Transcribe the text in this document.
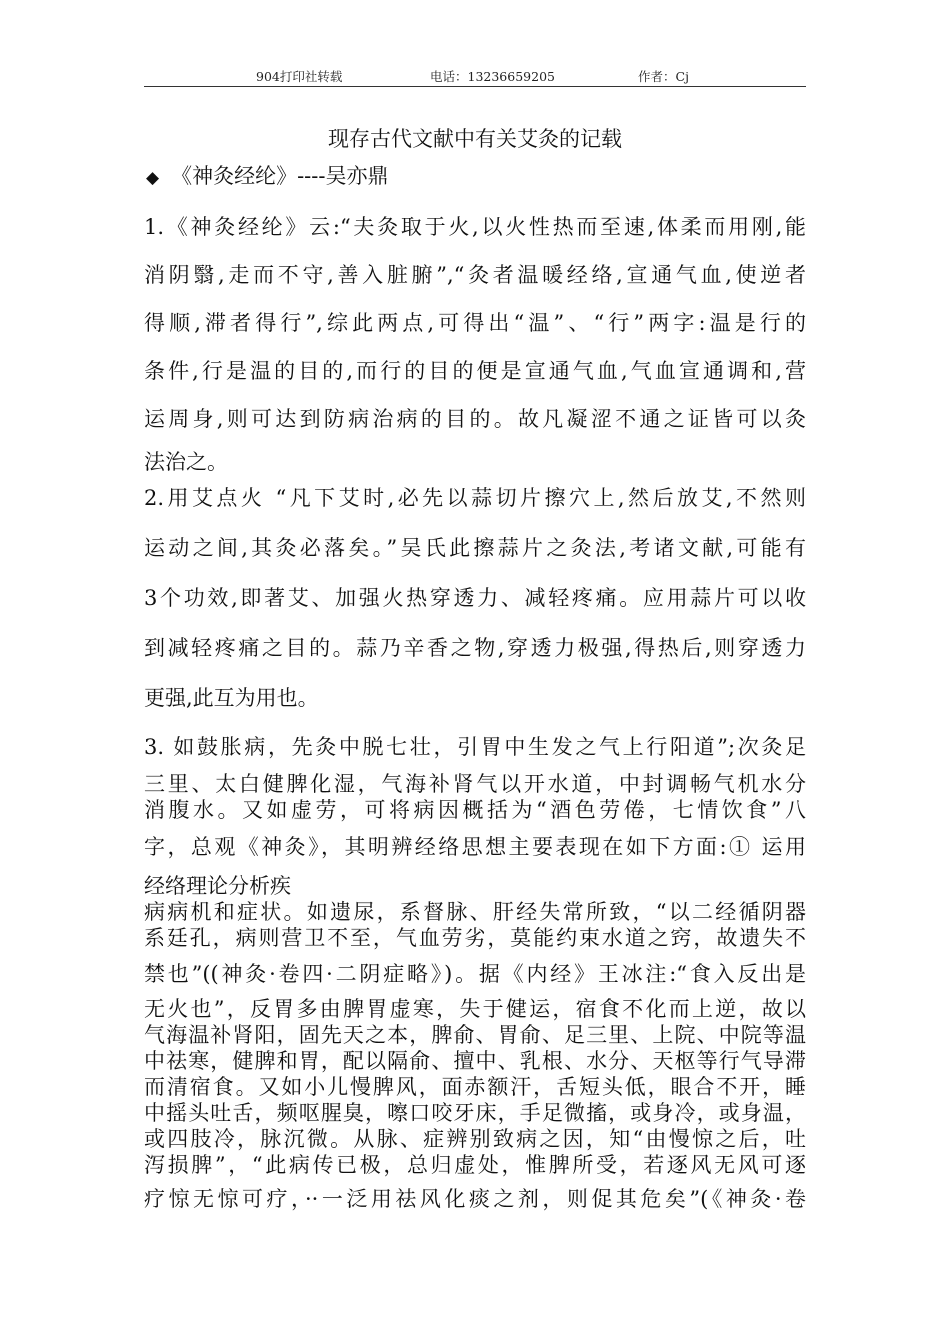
904打印社转载	电话：13236659205	作者：Cj
现存古代文献中有关艾灸的记载
◆ 《神灸经纶》----吴亦鼎
1.《神灸经纶》云:“夫灸取于火,以火性热而至速,体柔而用刚,能
消阴翳,走而不守,善入脏腑”,“灸者温暖经络,宣通气血,使逆者
得顺,滞者得行”,综此两点,可得出“温”、“行”两字:温是行的
条件,行是温的目的,而行的目的便是宣通气血,气血宣通调和,营
运周身,则可达到防病治病的目的。故凡凝涩不通之证皆可以灸
法治之。
2.用艾点火 “凡下艾时,必先以蒜切片擦穴上,然后放艾,不然则
运动之间,其灸必落矣。”吴氏此擦蒜片之灸法,考诸文献,可能有
3个功效,即著艾、加强火热穿透力、减轻疼痛。应用蒜片可以收
到减轻疼痛之目的。蒜乃辛香之物,穿透力极强,得热后,则穿透力
更强,此互为用也。
3. 如鼓胀病，先灸中脱七壮，引胃中生发之气上行阳道”;次灸足
三里、太白健脾化湿，气海补肾气以开水道，中封调畅气机水分
消腹水。又如虚劳，可将病因概括为“酒色劳倦，七情饮食”八
字，总观《神灸》，其明辨经络思想主要表现在如下方面:① 运用
经络理论分析疾
病病机和症状。如遗尿，系督脉、肝经失常所致，“以二经循阴器
系廷孔，病则营卫不至，气血劳劣，莫能约束水道之窍，故遗失不
禁也”((神灸·卷四·二阴症略》)。据《内经》王冰注:“食入反出是
无火也”，反胃多由脾胃虚寒，失于健运，宿食不化而上逆，故以
气海温补肾阳，固先天之本，脾俞、胃俞、足三里、上院、中院等温
中祛寒，健脾和胃，配以隔俞、擅中、乳根、水分、天枢等行气导滞
而清宿食。又如小儿慢脾风，面赤额汗，舌短头低，眼合不开，睡
中摇头吐舌，频呕腥臭，嚓口咬牙床，手足微搐，或身冷，或身温，
或四肢冷，脉沉微。从脉、症辨别致病之因，知“由慢惊之后，吐
泻损脾”，“此病传已极，总归虚处，惟脾所受，若逐风无风可逐
疗惊无惊可疗，··一泛用祛风化痰之剂，则促其危矣”(《神灸·卷
